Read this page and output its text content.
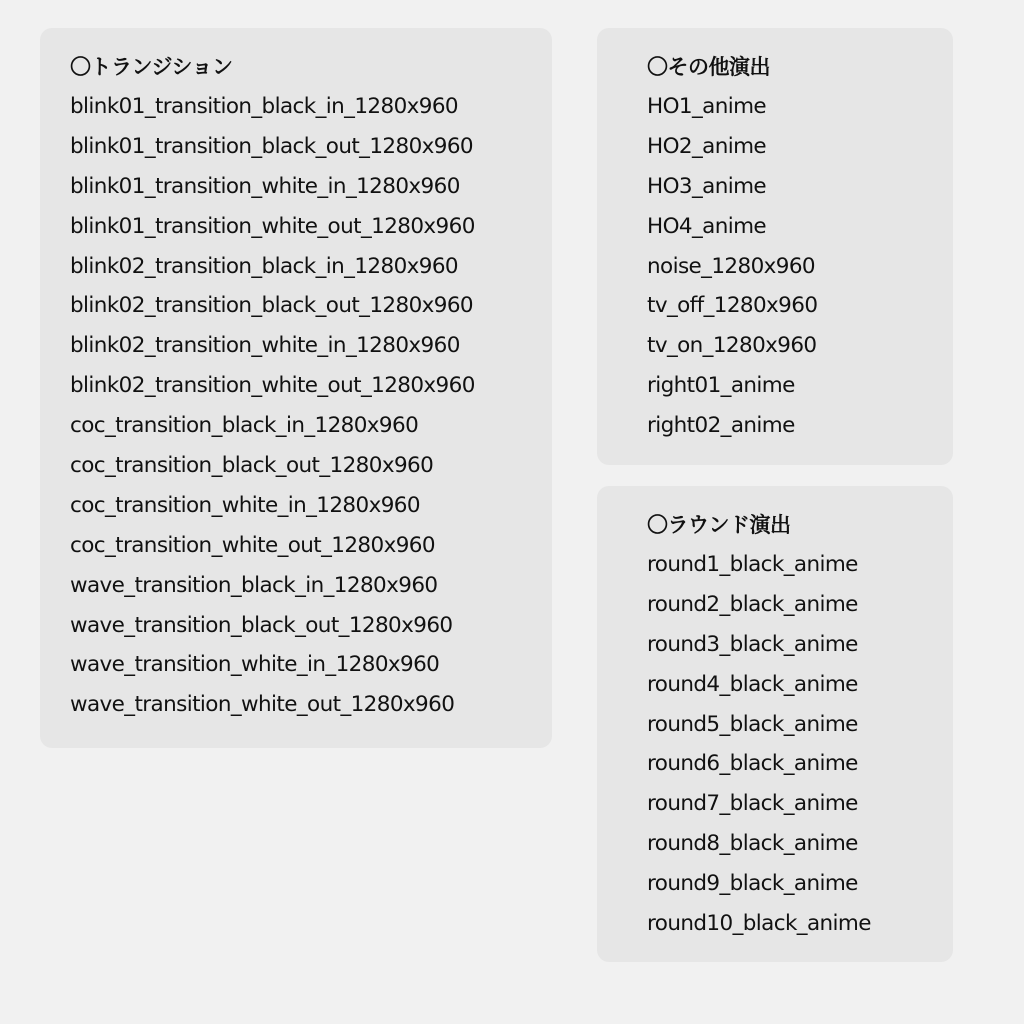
〇トランジション
blink01_transition_black_in_1280x960
blink01_transition_black_out_1280x960
blink01_transition_white_in_1280x960
blink01_transition_white_out_1280x960
blink02_transition_black_in_1280x960
blink02_transition_black_out_1280x960
blink02_transition_white_in_1280x960
blink02_transition_white_out_1280x960
coc_transition_black_in_1280x960
coc_transition_black_out_1280x960
coc_transition_white_in_1280x960
coc_transition_white_out_1280x960
wave_transition_black_in_1280x960
wave_transition_black_out_1280x960
wave_transition_white_in_1280x960
wave_transition_white_out_1280x960
〇その他演出
HO1_anime
HO2_anime
HO3_anime
HO4_anime
noise_1280x960
tv_off_1280x960
tv_on_1280x960
right01_anime
right02_anime
〇ラウンド演出
round1_black_anime
round2_black_anime
round3_black_anime
round4_black_anime
round5_black_anime
round6_black_anime
round7_black_anime
round8_black_anime
round9_black_anime
round10_black_anime
